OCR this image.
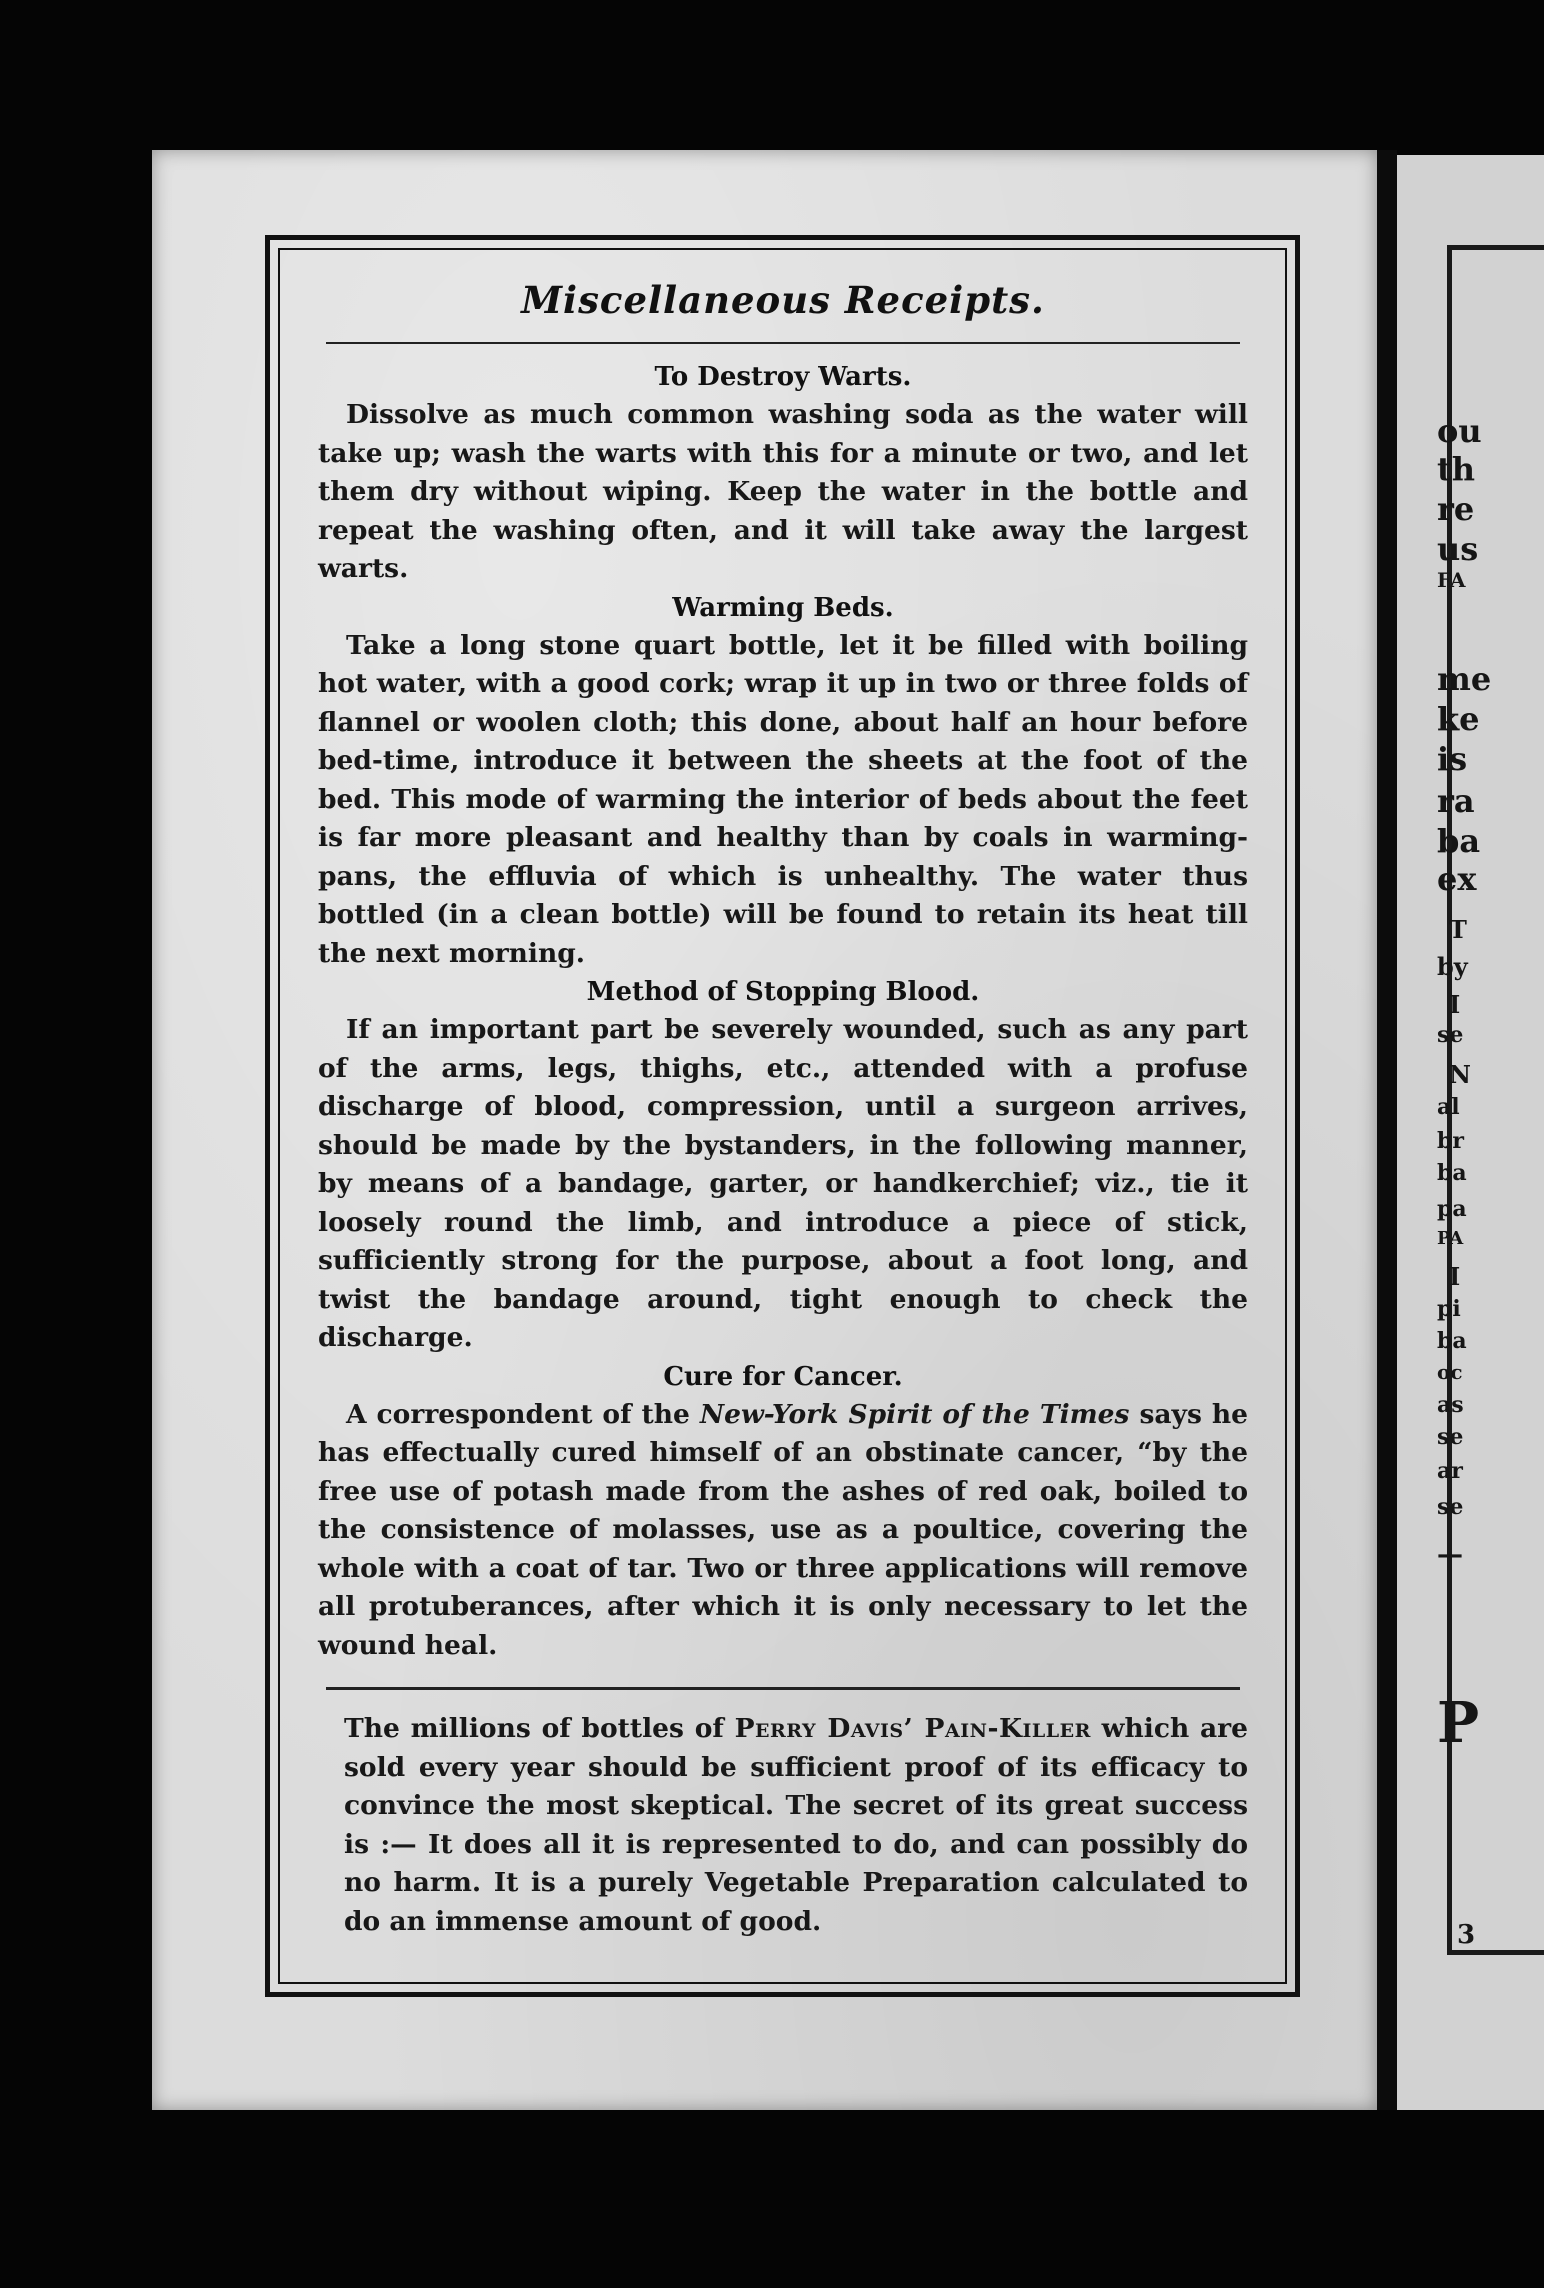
ou

th

re

us

FA

me

ke

is

ra

ba

ex

T

by

I

se

N

al

br

ba

pa

PA

I

pi

ba

oc

as

se

ar

se

—

P

3

Miscellaneous Receipts.
To Destroy Warts.

Dissolve as much common washing soda as the water will take up; wash the warts with this for a minute or two, and let them dry without wiping. Keep the water in the bottle and repeat the washing often, and it will take away the largest warts.

Warming Beds.

Take a long stone quart bottle, let it be filled with boiling hot water, with a good cork; wrap it up in two or three folds of flannel or woolen cloth; this done, about half an hour before bed-time, introduce it between the sheets at the foot of the bed. This mode of warming the interior of beds about the feet is far more pleasant and healthy than by coals in warming-pans, the effluvia of which is unhealthy. The water thus bottled (in a clean bottle) will be found to retain its heat till the next morning.

Method of Stopping Blood.

If an important part be severely wounded, such as any part of the arms, legs, thighs, etc., attended with a profuse discharge of blood, compression, until a surgeon arrives, should be made by the bystanders, in the following manner, by means of a bandage, garter, or handkerchief; viz., tie it loosely round the limb, and introduce a piece of stick, sufficiently strong for the purpose, about a foot long, and twist the bandage around, tight enough to check the discharge.

Cure for Cancer.

A correspondent of the New-York Spirit of the Times says he has effectually cured himself of an obstinate cancer, “by the free use of potash made from the ashes of red oak, boiled to the consistence of molasses, use as a poultice, covering the whole with a coat of tar. Two or three applications will remove all protuberances, after which it is only necessary to let the wound heal.

The millions of bottles of Perry Davis’ Pain-Killer which are sold every year should be sufficient proof of its efficacy to convince the most skeptical. The secret of its great success is :— It does all it is represented to do, and can possibly do no harm. It is a purely Vegetable Preparation calculated to do an immense amount of good.
